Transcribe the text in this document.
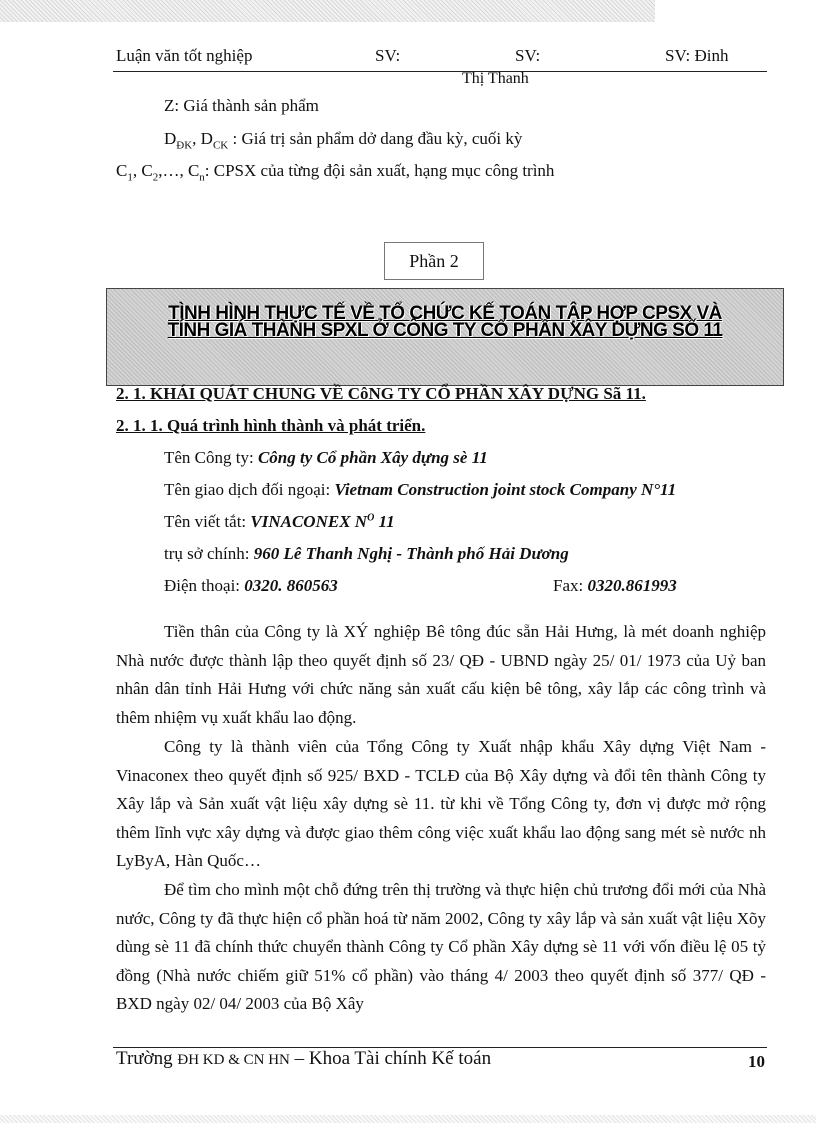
Luận văn tốt nghiệp	SV:	SV:	SV: Đinh
Thị Thanh
Z: Giá thành sản phẩm
$D_{ĐK}$, $D_{CK}$ : Giá trị sản phẩm dở dang đầu kỳ, cuối kỳ
$C_1$, $C_2,\dots$, $C_n$: CPSX của từng đội sản xuất, hạng mục công trình
Phần 2
TÌNH HÌNH THỰC TẾ VỀ TỔ CHỨC KẾ TOÁN TẬP HỢP CPSX VÀ
TÍNH GIÁ THÀNH SPXL Ở CÔNG TY CỔ PHẦN XÂY DỰNG SỐ 11
2. 1. KHÁI QUÁT CHUNG VỀ CôNG TY CỔ PHẦN XÂY DỰNG Sã 11.
2. 1. 1. Quá trình hình thành và phát triển.
Tên Công ty: Công ty Cổ phần Xây dựng sè 11
Tên giao dịch đối ngoại: Vietnam Construction joint stock Company N°11
Tên viết tắt: VINACONEX $N^O$ 11
trụ sở chính: 960 Lê Thanh Nghị - Thành phố Hải Dương
Điện thoại: 0320. 860563	Fax: 0320.861993
Tiền thân của Công ty là XÝ nghiệp Bê tông đúc sẵn Hải Hưng, là mét doanh nghiệp Nhà nước được thành lập theo quyết định số 23/ QĐ - UBND ngày 25/ 01/ 1973 của Uỷ ban nhân dân tỉnh Hải Hưng với chức năng sản xuất cấu kiện bê tông, xây lắp các công trình và thêm nhiệm vụ xuất khẩu lao động.
Công ty là thành viên của Tổng Công ty Xuất nhập khẩu Xây dựng Việt Nam - Vinaconex theo quyết định số 925/ BXD - TCLĐ của Bộ Xây dựng và đổi tên thành Công ty Xây lắp và Sản xuất vật liệu xây dựng sè 11. từ khi về Tổng Công ty, đơn vị được mở rộng thêm lĩnh vực xây dựng và được giao thêm công việc xuất khẩu lao động sang mét sè nước nh LyByA, Hàn Quốc…
Để tìm cho mình một chỗ đứng trên thị trường và thực hiện chủ trương đổi mới của Nhà nước, Công ty đã thực hiện cổ phần hoá từ năm 2002, Công ty xây lắp và sản xuất vật liệu Xõy dùng sè 11 đã chính thức chuyển thành Công ty Cổ phần Xây dựng sè 11 với vốn điều lệ 05 tỷ đồng (Nhà nước chiếm giữ 51% cổ phần) vào tháng 4/ 2003 theo quyết định số 377/ QĐ - BXD ngày 02/ 04/ 2003 của Bộ Xây
Trường ĐH KD & CN HN – Khoa Tài chính Kế toán	10
